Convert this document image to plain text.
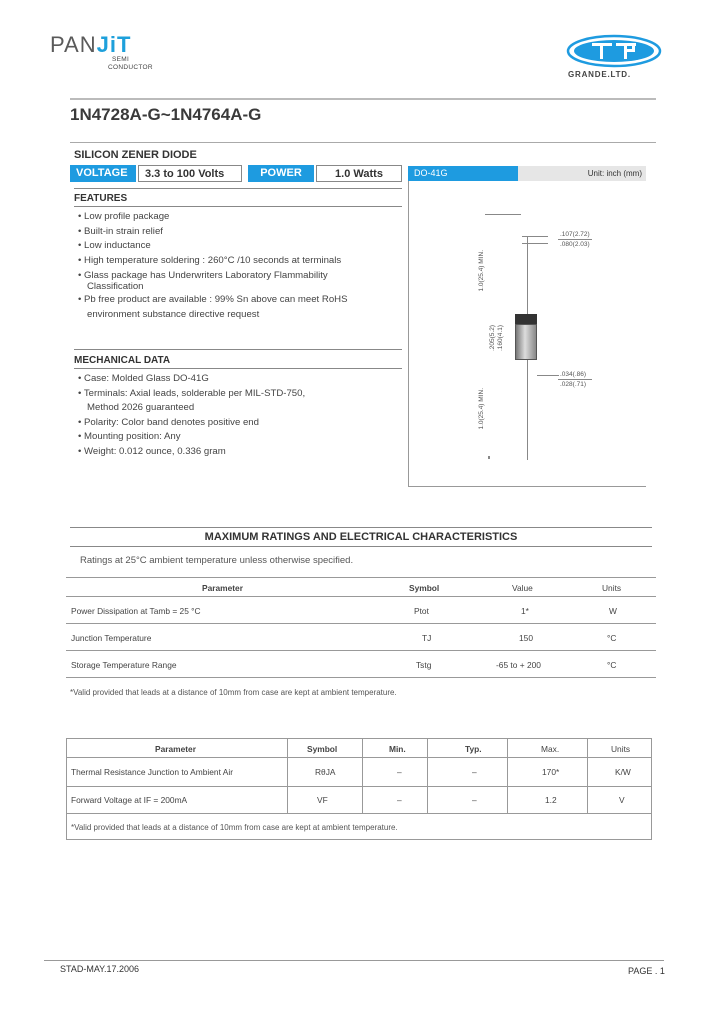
PANJiT
SEMI
CONDUCTOR
GRANDE.LTD.
1N4728A-G~1N4764A-G
SILICON ZENER DIODE
VOLTAGE	3.3 to 100 Volts	POWER	1.0 Watts	DO-41G	Unit: inch (mm)
FEATURES
• Low profile package
• Built-in strain relief
• Low inductance
• High temperature soldering : 260°C /10 seconds at terminals
• Glass package has Underwriters Laboratory Flammability
Classification
• Pb free product are available : 99% Sn above can meet RoHS
environment substance directive request
MECHANICAL DATA
• Case: Molded Glass DO-41G
• Terminals: Axial leads, solderable per MIL-STD-750,
Method 2026 guaranteed
• Polarity: Color band denotes positive end
• Mounting position: Any
• Weight: 0.012 ounce, 0.336 gram
.107(2.72)
.080(2.03)
1.0(25.4) MIN.
.205(5.2) .160(4.1)
.034(.86)
.028(.71)
1.0(25.4) MIN.
MAXIMUM RATINGS AND ELECTRICAL CHARACTERISTICS
Ratings at 25°C ambient temperature unless otherwise specified.
Parameter	Symbol	Value	Units
Power Dissipation at Tamb = 25 °C	Ptot	1*	W
Junction Temperature	TJ	150	°C
Storage Temperature Range	Tstg	-65 to + 200	°C
*Valid provided that leads at a distance of 10mm from case are kept at ambient temperature.
Parameter	Symbol	Min.	Typ.	Max.	Units
Thermal Resistance Junction to Ambient Air	RθJA	–	–	170*	K/W
Forward Voltage at IF = 200mA	VF	–	–	1.2	V
*Valid provided that leads at a distance of 10mm from case are kept at ambient temperature.
STAD-MAY.17.2006	PAGE . 1
